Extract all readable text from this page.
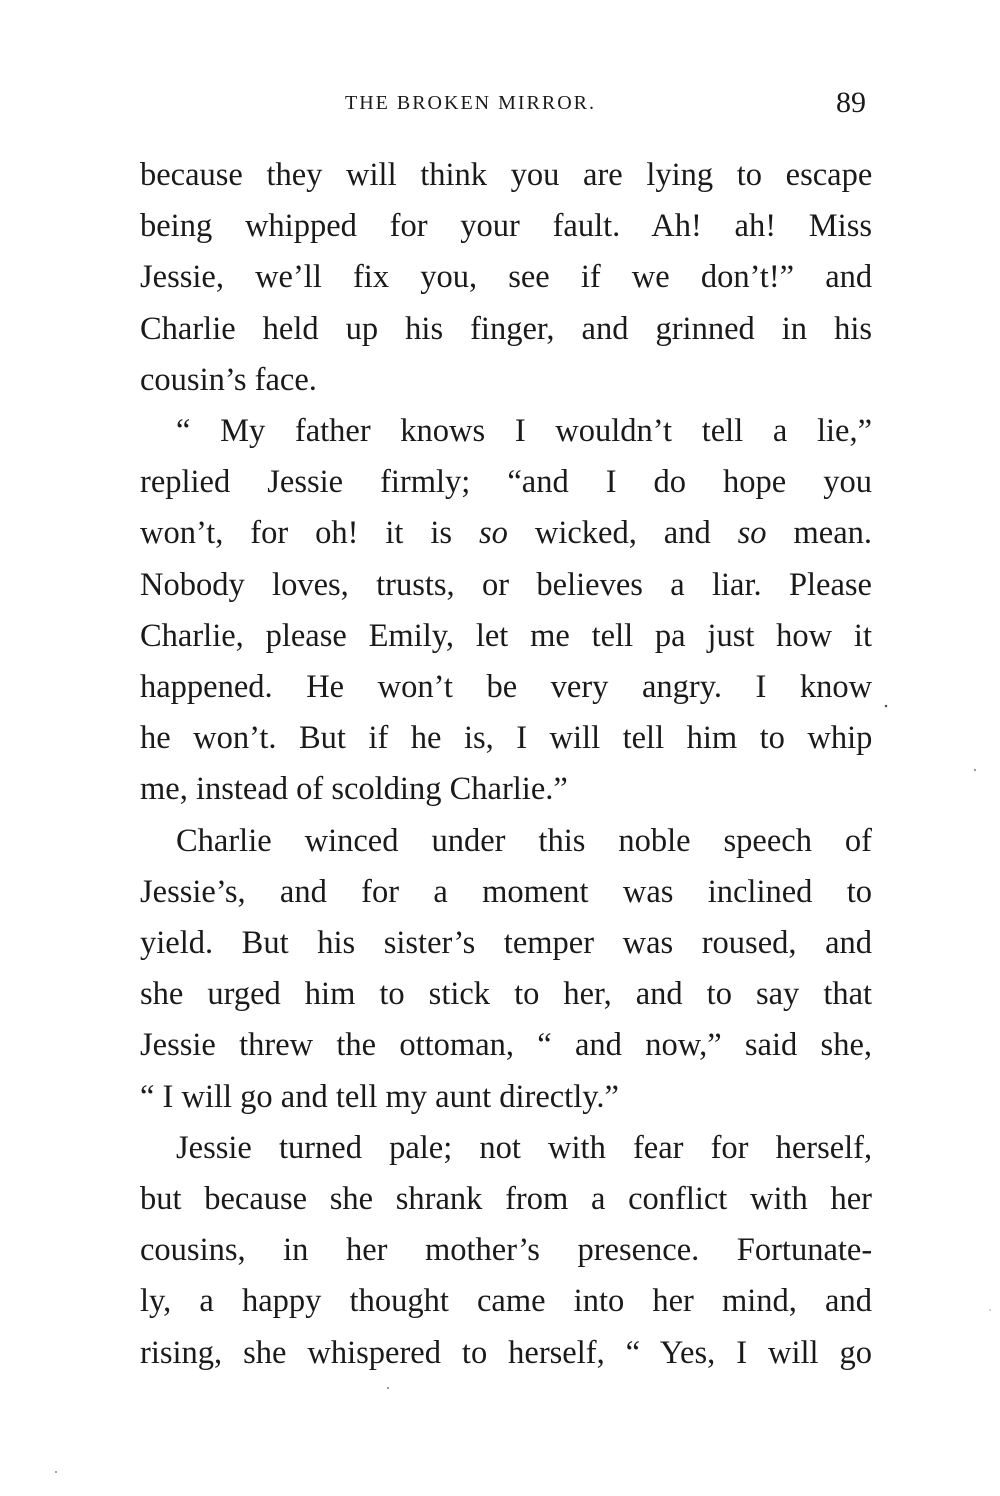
THE BROKEN MIRROR.	89
because they will think you are lying to escape
being whipped for your fault. Ah! ah! Miss
Jessie, we’ll fix you, see if we don’t!” and
Charlie held up his finger, and grinned in his
cousin’s face.
“ My father knows I wouldn’t tell a lie,”
replied Jessie firmly; “and I do hope you
won’t, for oh! it is so wicked, and so mean.
Nobody loves, trusts, or believes a liar. Please
Charlie, please Emily, let me tell pa just how it
happened. He won’t be very angry. I know
he won’t. But if he is, I will tell him to whip
me, instead of scolding Charlie.”
Charlie winced under this noble speech of
Jessie’s, and for a moment was inclined to
yield. But his sister’s temper was roused, and
she urged him to stick to her, and to say that
Jessie threw the ottoman, “ and now,” said she,
“ I will go and tell my aunt directly.”
Jessie turned pale; not with fear for herself,
but because she shrank from a conflict with her
cousins, in her mother’s presence. Fortunate-
ly, a happy thought came into her mind, and
rising, she whispered to herself, “ Yes, I will go
